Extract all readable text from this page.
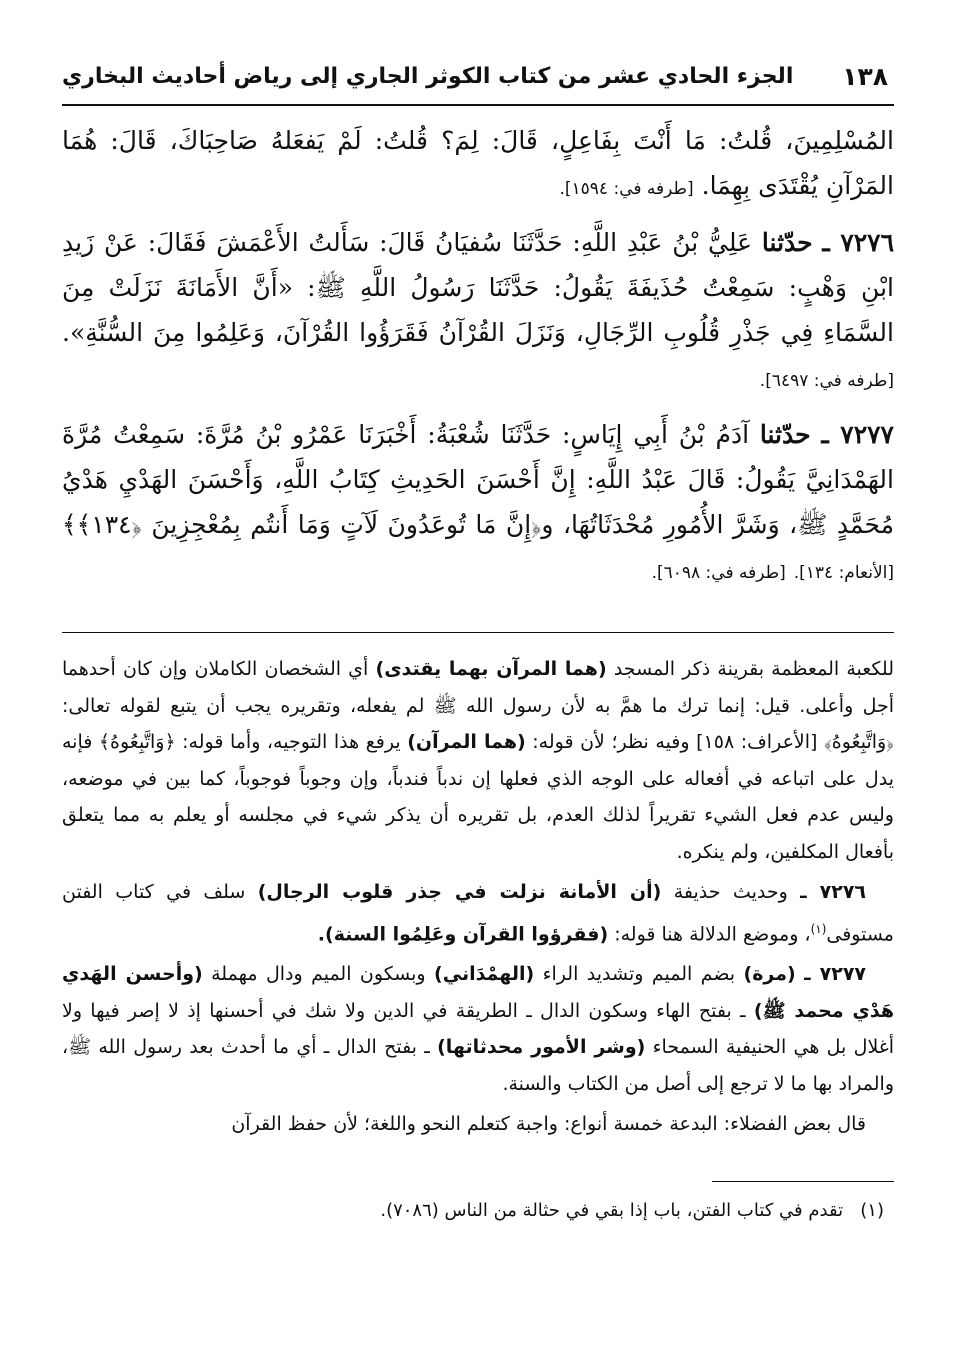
١٣٨
الجزء الحادي عشر من كتاب الكوثر الجاري إلى رياض أحاديث البخاري

المُسْلِمِينَ، قُلتُ: مَا أَنْتَ بِفَاعِلٍ، قَالَ: لِمَ؟ قُلتُ: لَمْ يَفعَلهُ صَاحِبَاكَ، قَالَ: هُمَا المَرْآنِ يُقْتَدَى بِهِمَا. [طرفه في: ١٥٩٤].

٧٢٧٦ ـ حدّثنا عَلِيُّ بْنُ عَبْدِ اللَّهِ: حَدَّثَنَا سُفيَانُ قَالَ: سَأَلتُ الأَعْمَشَ فَقَالَ: عَنْ زَيدِ ابْنِ وَهْبٍ: سَمِعْتُ حُذَيفَةَ يَقُولُ: حَدَّثَنَا رَسُولُ اللَّهِ ﷺ: «أَنَّ الأَمَانَةَ نَزَلَتْ مِنَ السَّمَاءِ فِي جَذْرِ قُلُوبِ الرِّجَالِ، وَنَزَلَ القُرْآنُ فَقَرَؤُوا القُرْآنَ، وَعَلِمُوا مِنَ السُّنَّةِ». [طرفه في: ٦٤٩٧].

٧٢٧٧ ـ حدّثنا آدَمُ بْنُ أَبِي إِيَاسٍ: حَدَّثَنَا شُعْبَةُ: أَخْبَرَنَا عَمْرُو بْنُ مُرَّةَ: سَمِعْتُ مُرَّةَ الهَمْدَانِيَّ يَقُولُ: قَالَ عَبْدُ اللَّهِ: إِنَّ أَحْسَنَ الحَدِيثِ كِتَابُ اللَّهِ، وَأَحْسَنَ الهَدْيِ هَدْيُ مُحَمَّدٍ ﷺ، وَشَرَّ الأُمُورِ مُحْدَثَاتُهَا، و﴿إِنَّ مَا تُوعَدُونَ لَآتٍ وَمَا أَنتُم بِمُعْجِزِينَ ﴿١٣٤﴾﴾ [الأنعام: ١٣٤]. [طرفه في: ٦٠٩٨].

للكعبة المعظمة بقرينة ذكر المسجد (هما المرآن بهما يقتدى) أي الشخصان الكاملان وإن كان أحدهما أجل وأعلى. قيل: إنما ترك ما همَّ به لأن رسول الله ﷺ لم يفعله، وتقريره يجب أن يتبع لقوله تعالى: ﴿وَاتَّبِعُوهُ﴾ [الأعراف: ١٥٨] وفيه نظر؛ لأن قوله: (هما المرآن) يرفع هذا التوجيه، وأما قوله: ﴿وَاتَّبِعُوهُ﴾ فإنه يدل على اتباعه في أفعاله على الوجه الذي فعلها إن ندباً فندباً، وإن وجوباً فوجوباً، كما بين في موضعه، وليس عدم فعل الشيء تقريراً لذلك العدم، بل تقريره أن يذكر شيء في مجلسه أو يعلم به مما يتعلق بأفعال المكلفين، ولم ينكره.

٧٢٧٦ ـ وحديث حذيفة (أن الأمانة نزلت في جذر قلوب الرجال) سلف في كتاب الفتن مستوفى$^{(١)}$، وموضع الدلالة هنا قوله: (فقرؤوا القرآن وعَلِمُوا السنة).

٧٢٧٧ ـ (مرة) بضم الميم وتشديد الراء (الهمْدَاني) وبسكون الميم ودال مهملة (وأحسن الهَدي هَدْي محمد ﷺ) ـ بفتح الهاء وسكون الدال ـ الطريقة في الدين ولا شك في أحسنها إذ لا إصر فيها ولا أغلال بل هي الحنيفية السمحاء (وشر الأمور محدثاتها) ـ بفتح الدال ـ أي ما أحدث بعد رسول الله ﷺ، والمراد بها ما لا ترجع إلى أصل من الكتاب والسنة.

قال بعض الفضلاء: البدعة خمسة أنواع: واجبة كتعلم النحو واللغة؛ لأن حفظ القرآن

(١)   تقدم في كتاب الفتن، باب إذا بقي في حثالة من الناس (٧٠٨٦).
